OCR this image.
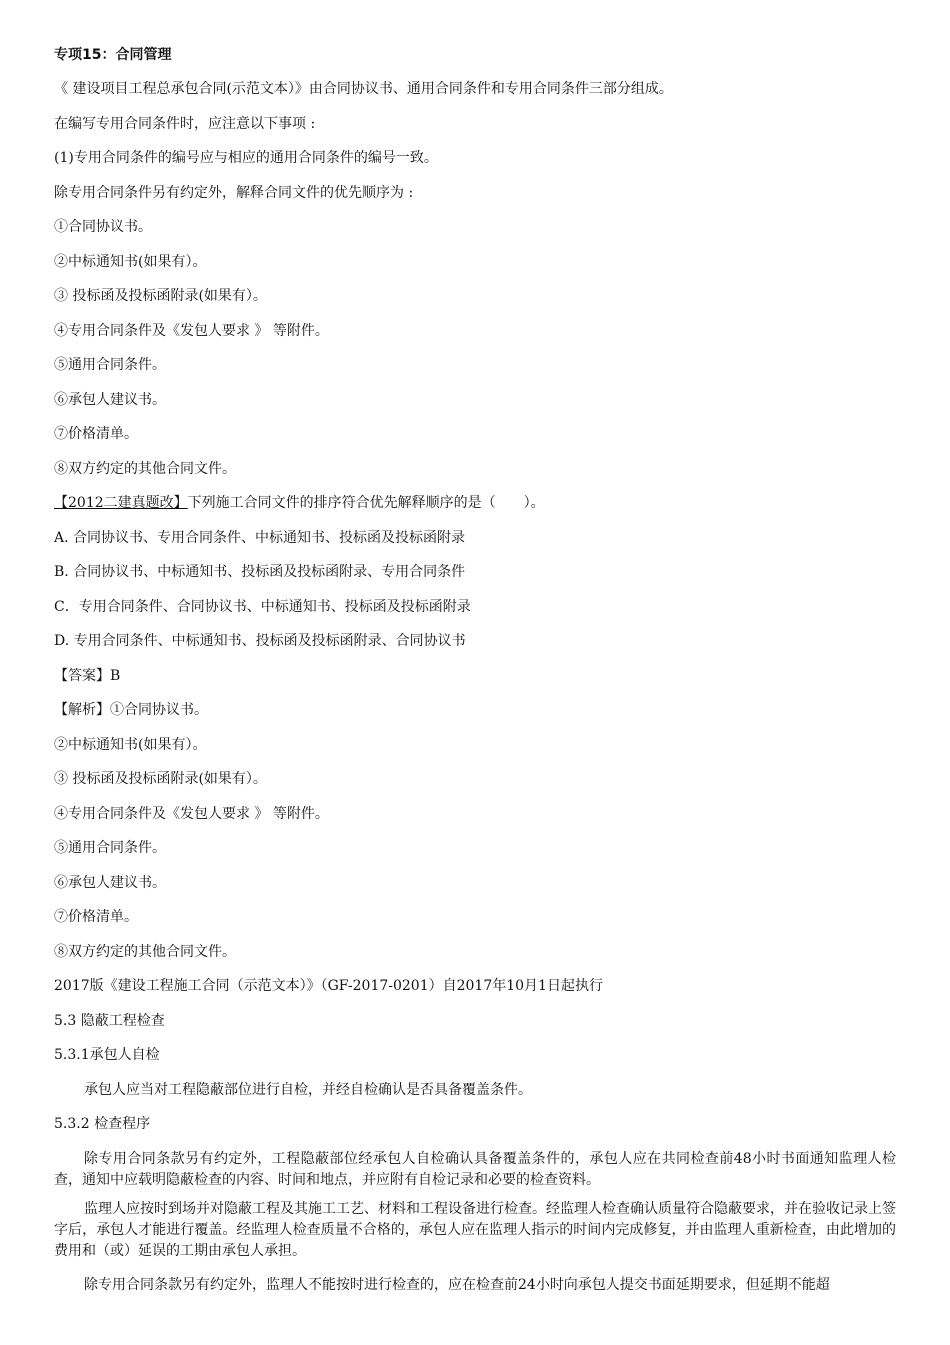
专项15：合同管理
《 建设项目工程总承包合同(示范文本）》由合同协议书、通用合同条件和专用合同条件三部分组成。
在编写专用合同条件时，应注意以下事项 :
(1)专用合同条件的编号应与相应的通用合同条件的编号一致。
除专用合同条件另有约定外，解释合同文件的优先顺序为 :
①合同协议书。
②中标通知书(如果有）。
③ 投标函及投标函附录(如果有）。
④专用合同条件及《发包人要求 》 等附件。
⑤通用合同条件。
⑥承包人建议书。
⑦价格清单。
⑧双方约定的其他合同文件。
【2012二建真题改】下列施工合同文件的排序符合优先解释顺序的是（　　）。
A. 合同协议书、专用合同条件、中标通知书、投标函及投标函附录
B. 合同协议书、中标通知书、投标函及投标函附录、专用合同条件
C．专用合同条件、合同协议书、中标通知书、投标函及投标函附录
D. 专用合同条件、中标通知书、投标函及投标函附录、合同协议书
【答案】B
【解析】①合同协议书。
②中标通知书(如果有）。
③ 投标函及投标函附录(如果有）。
④专用合同条件及《发包人要求 》 等附件。
⑤通用合同条件。
⑥承包人建议书。
⑦价格清单。
⑧双方约定的其他合同文件。
2017版《建设工程施工合同（示范文本）》（GF-2017-0201）自2017年10月1日起执行
5.3 隐蔽工程检查
5.3.1承包人自检
承包人应当对工程隐蔽部位进行自检，并经自检确认是否具备覆盖条件。
5.3.2 检查程序
除专用合同条款另有约定外，工程隐蔽部位经承包人自检确认具备覆盖条件的，承包人应在共同检查前48小时书面通知监理人检查，通知中应载明隐蔽检查的内容、时间和地点，并应附有自检记录和必要的检查资料。
监理人应按时到场并对隐蔽工程及其施工工艺、材料和工程设备进行检查。经监理人检查确认质量符合隐蔽要求，并在验收记录上签字后，承包人才能进行覆盖。经监理人检查质量不合格的，承包人应在监理人指示的时间内完成修复，并由监理人重新检查，由此增加的费用和（或）延误的工期由承包人承担。
除专用合同条款另有约定外，监理人不能按时进行检查的，应在检查前24小时向承包人提交书面延期要求，但延期不能超
